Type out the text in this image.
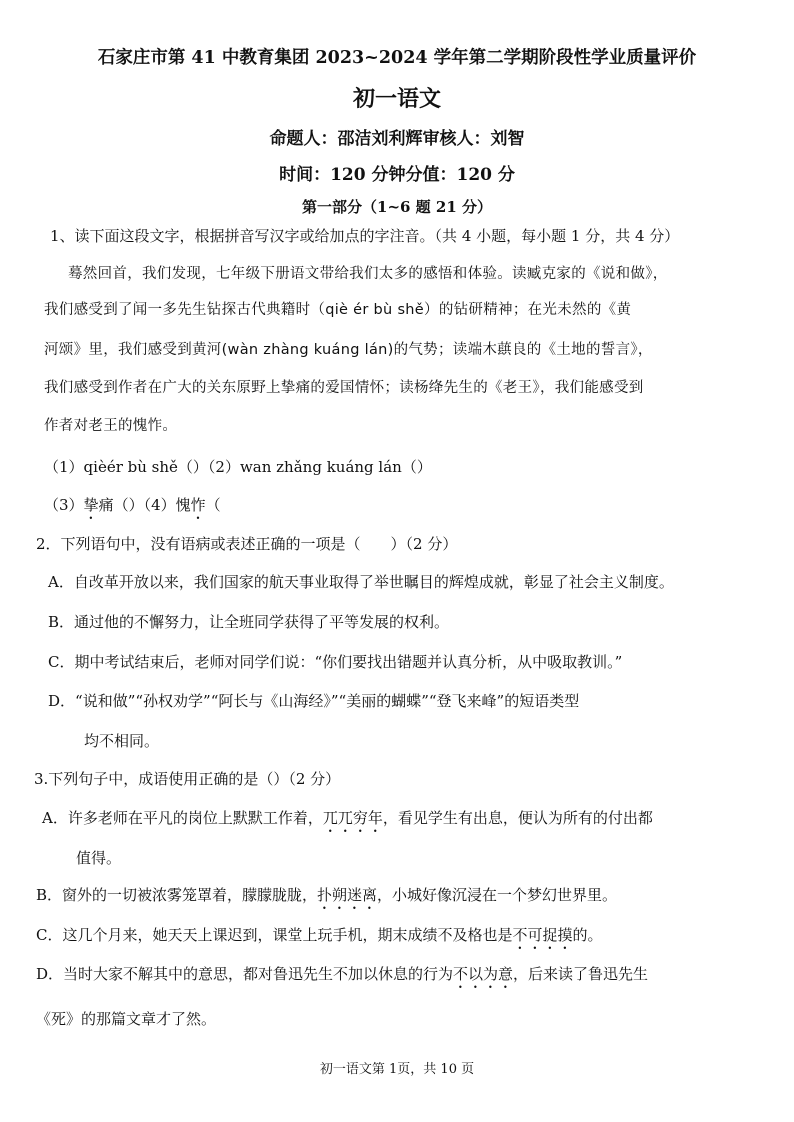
石家庄市第 41 中教育集团 2023~2024 学年第二学期阶段性学业质量评价
初一语文
命题人：邵洁刘利辉审核人：刘智
时间：120 分钟分值：120 分
第一部分（1~6 题 21 分）
1、读下面这段文字，根据拼音写汉字或给加点的字注音。（共 4 小题，每小题 1 分，共 4 分）
蓦然回首，我们发现，七年级下册语文带给我们太多的感悟和体验。读臧克家的《说和做》，
我们感受到了闻一多先生钻探古代典籍时（qiè ér bù shě）的钻研精神；在光未然的《黄
河颂》里，我们感受到黄河(wàn zhàng kuáng lán)的气势；读端木蕻良的《土地的誓言》，
我们感受到作者在广大的关东原野上挚痛的爱国情怀；读杨绛先生的《老王》，我们能感受到
作者对老王的愧怍。
（1）qièér bù shě（）（2）wan zhǎng kuáng lán（）
（3）挚痛（）（4）愧怍（
2．下列语句中，没有语病或表述正确的一项是（　　）（2 分）
A．自改革开放以来，我们国家的航天事业取得了举世瞩目的辉煌成就，彰显了社会主义制度。
B．通过他的不懈努力，让全班同学获得了平等发展的权利。
C．期中考试结束后，老师对同学们说：“你们要找出错题并认真分析，从中吸取教训。”
D．“说和做”“孙权劝学”“阿长与《山海经》”“美丽的蝴蝶”“登飞来峰”的短语类型
均不相同。
3.下列句子中，成语使用正确的是（）（2 分）
A．许多老师在平凡的岗位上默默工作着，兀兀穷年，看见学生有出息，便认为所有的付出都
值得。
B．窗外的一切被浓雾笼罩着，朦朦胧胧，扑朔迷离，小城好像沉浸在一个梦幻世界里。
C．这几个月来，她天天上课迟到，课堂上玩手机，期末成绩不及格也是不可捉摸的。
D．当时大家不解其中的意思，都对鲁迅先生不加以休息的行为不以为意，后来读了鲁迅先生
《死》的那篇文章才了然。
初一语文第 1页，共 10 页
